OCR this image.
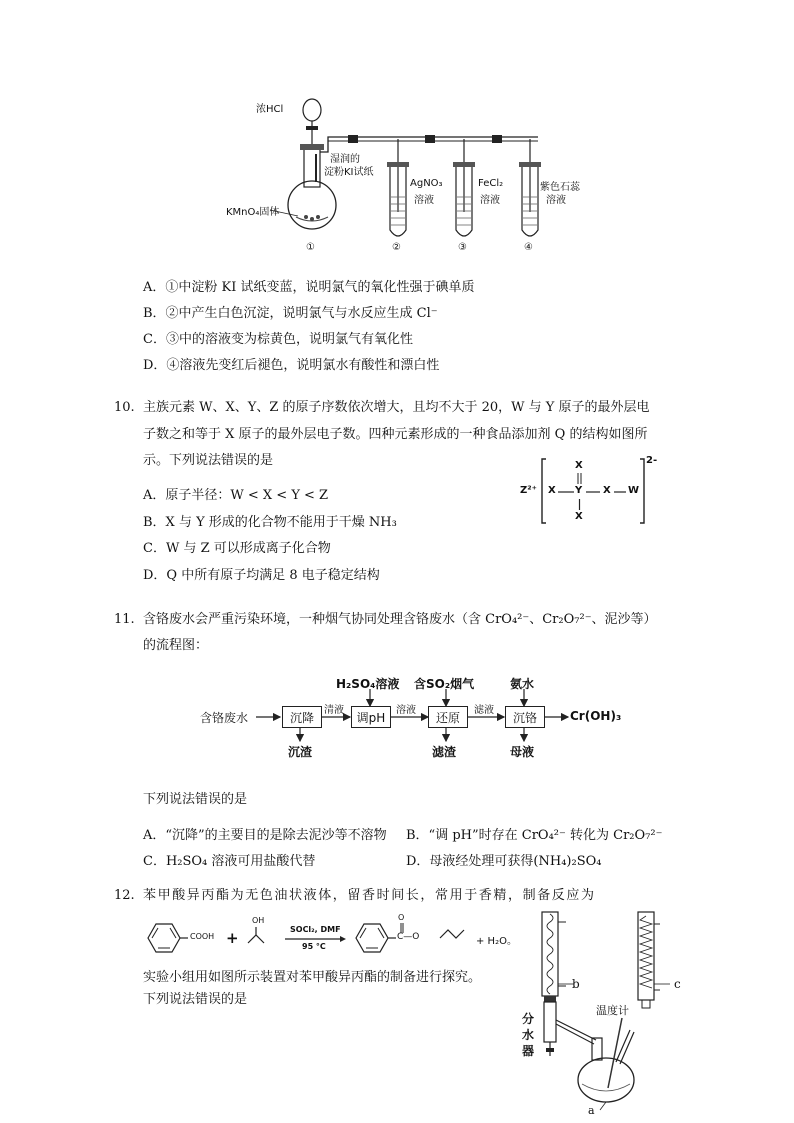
浓HCl
湿润的
淀粉KI试纸
KMnO₄固体
AgNO₃
溶液
FeCl₂
溶液
紫色石蕊
溶液
①	②	③	④
A．①中淀粉 KI 试纸变蓝，说明氯气的氧化性强于碘单质
B．②中产生白色沉淀，说明氯气与水反应生成 Cl⁻
C．③中的溶液变为棕黄色，说明氯气有氧化性
D．④溶液先变红后褪色，说明氯水有酸性和漂白性
10. 主族元素 W、X、Y、Z 的原子序数依次增大，且均不大于 20，W 与 Y 原子的最外层电
子数之和等于 X 原子的最外层电子数。四种元素形成的一种食品添加剂 Q 的结构如图所
示。下列说法错误的是
A．原子半径：W < X < Y < Z
B．X 与 Y 形成的化合物不能用于干燥 NH₃
C．W 与 Z 可以形成离子化合物
D．Q 中所有原子均满足 8 电子稳定结构
Z²⁺
2-
X Y X W
X
X
11. 含铬废水会严重污染环境，一种烟气协同处理含铬废水（含 CrO₄²⁻、Cr₂O₇²⁻、泥沙等）
的流程图：
含铬废水	沉降	调pH	还原	沉铬
清液	溶液	滤液
H₂SO₄溶液 含SO₂烟气	氨水
沉渣	滤渣	母液
Cr(OH)₃
下列说法错误的是
A．“沉降”的主要目的是除去泥沙等不溶物 B．“调 pH”时存在 CrO₄²⁻ 转化为 Cr₂O₇²⁻
C．H₂SO₄ 溶液可用盐酸代替	D．母液经处理可获得(NH₄)₂SO₄
12. 苯甲酸异丙酯为无色油状液体，留香时间长，常用于香精，制备反应为
COOH +
OH
SOCl₂, DMF
95 °C
O
C—O	+ H₂O。
实验小组用如图所示装置对苯甲酸异丙酯的制备进行探究。
下列说法错误的是
b	c
分
水
器
温度计
a
